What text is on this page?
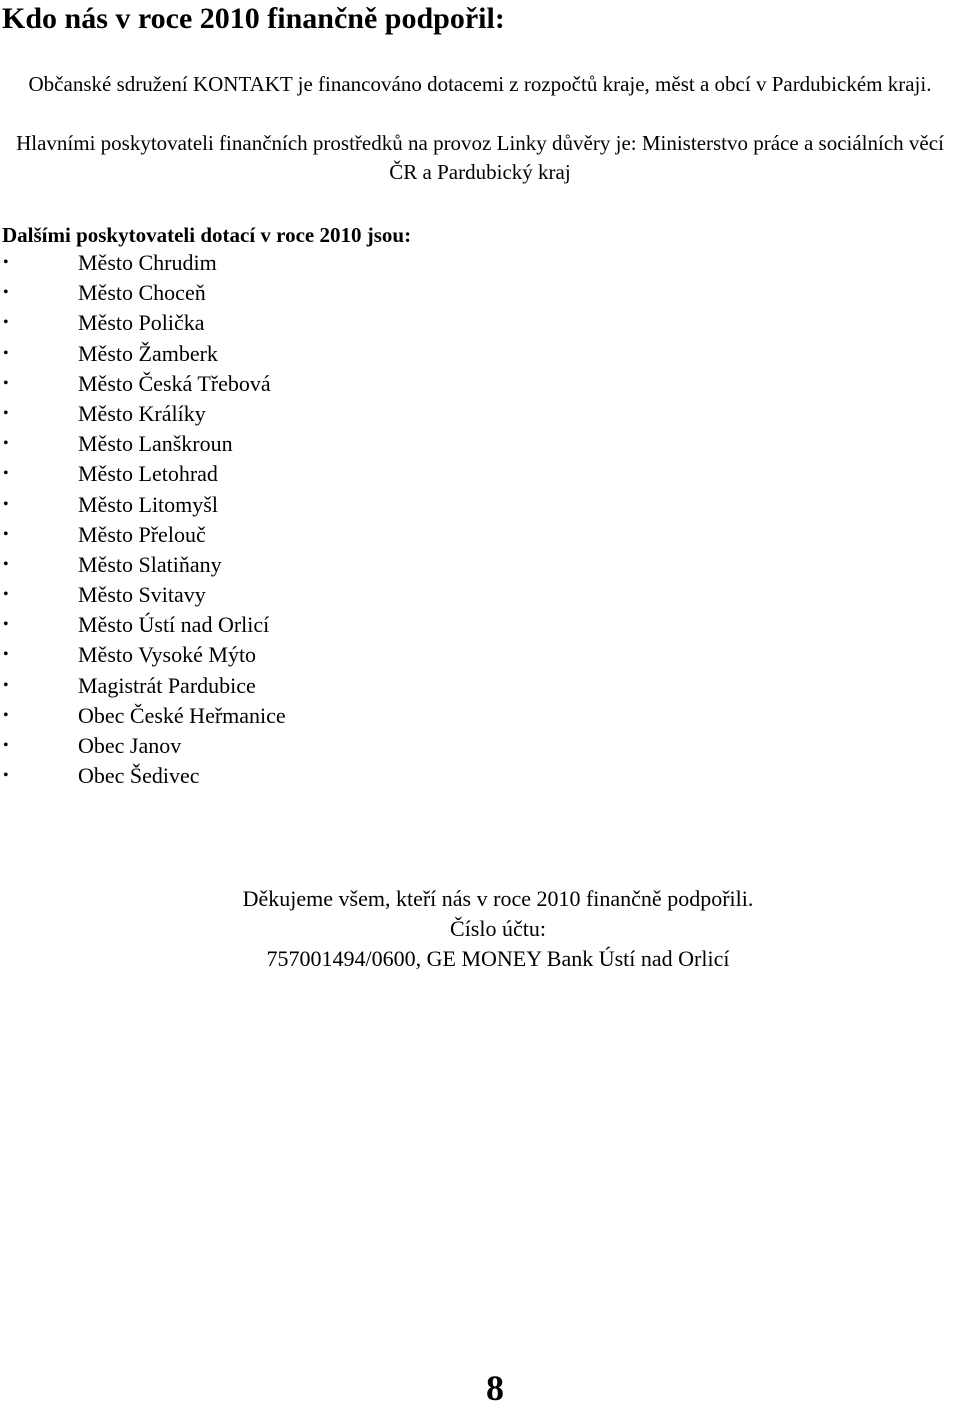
Kdo nás v roce 2010 finančně podpořil:

Občanské sdružení KONTAKT je financováno dotacemi z rozpočtů kraje, měst a obcí v Pardubickém kraji.

Hlavními poskytovateli finančních prostředků na provoz Linky důvěry je: Ministerstvo práce a sociálních věcí ČR a Pardubický kraj

Dalšími poskytovateli dotací v roce 2010 jsou:

•	Město Chrudim
•	Město Choceň
•	Město Polička
•	Město Žamberk
•	Město Česká Třebová
•	Město Králíky
•	Město Lanškroun
•	Město Letohrad
•	Město Litomyšl
•	Město Přelouč
•	Město Slatiňany
•	Město Svitavy
•	Město Ústí nad Orlicí
•	Město Vysoké Mýto
•	Magistrát Pardubice
•	Obec České Heřmanice
•	Obec Janov
•	Obec Šedivec
Děkujeme všem, kteří nás v roce 2010 finančně podpořili.
Číslo účtu:
757001494/0600, GE MONEY Bank Ústí nad Orlicí
8
